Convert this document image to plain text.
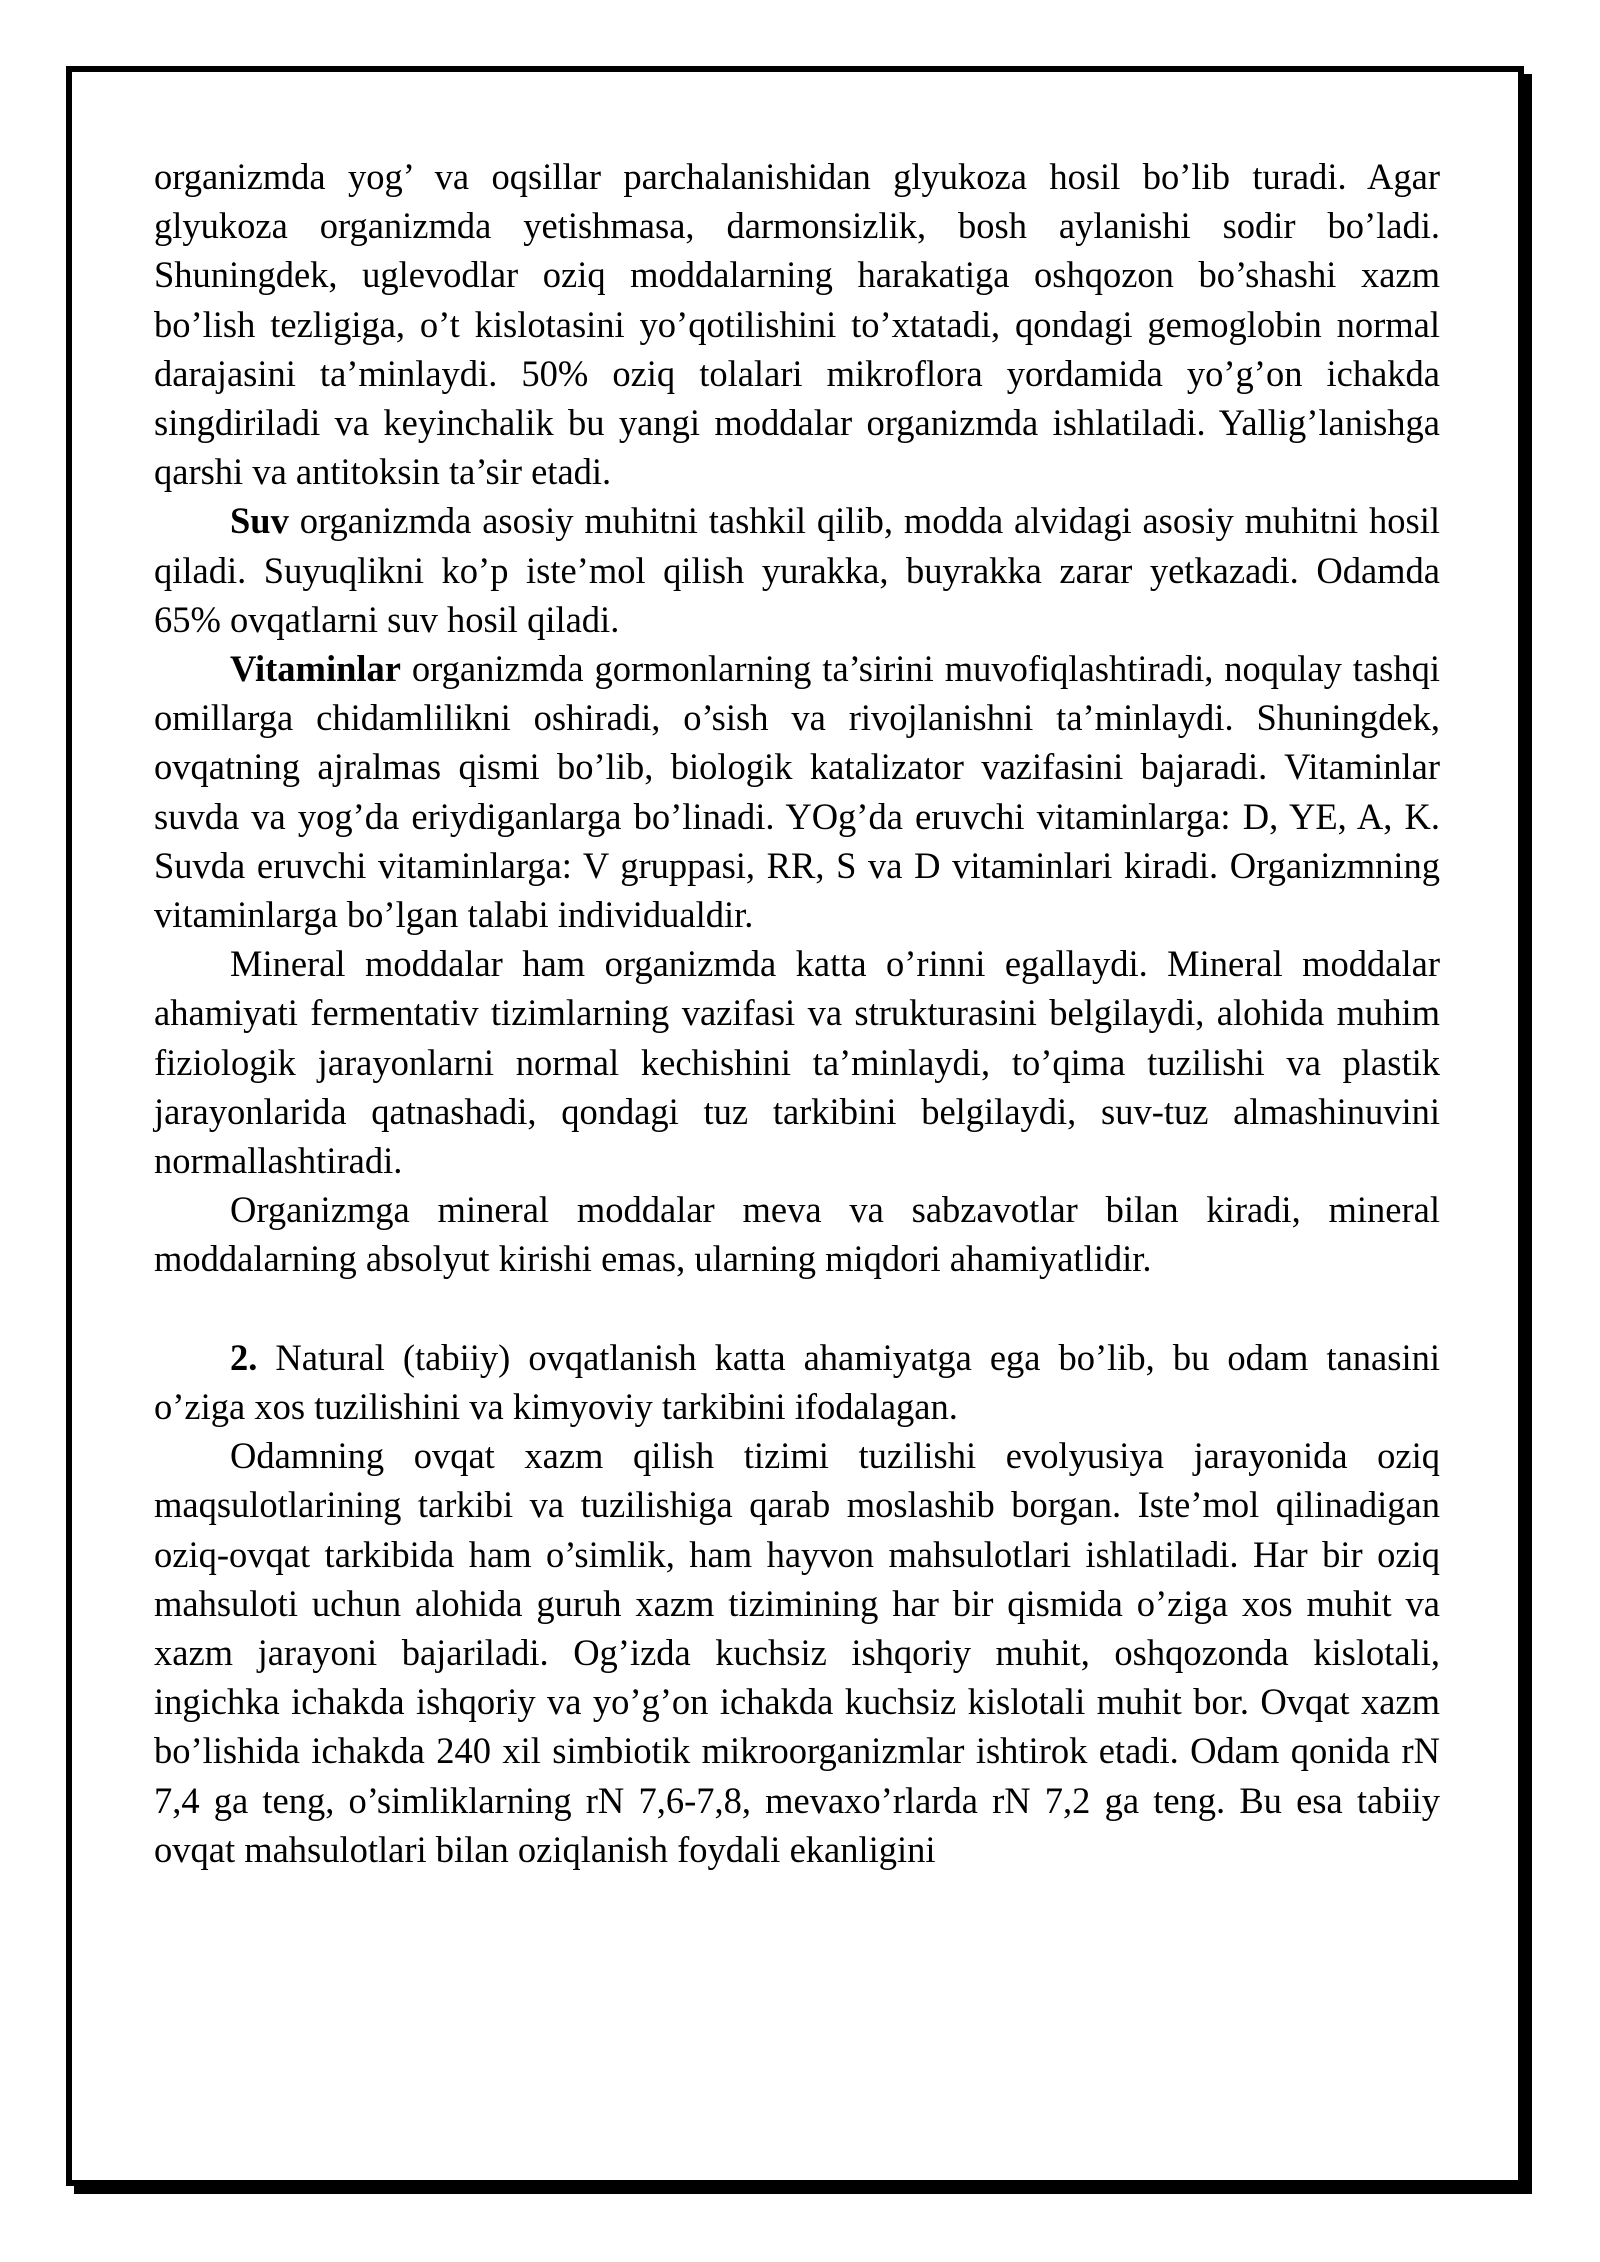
organizmda yog’ va oqsillar parchalanishidan glyukoza hosil bo’lib turadi. Agar glyukoza organizmda yetishmasa, darmonsizlik, bosh aylanishi sodir bo’ladi. Shuningdek, uglevodlar oziq moddalarning harakatiga oshqozon bo’shashi xazm bo’lish tezligiga, o’t kislotasini yo’qotilishini to’xtatadi, qondagi gemoglobin normal darajasini ta’minlaydi. 50% oziq tolalari mikroflora yordamida yo’g’on ichakda singdiriladi va keyinchalik bu yangi moddalar organizmda ishlatiladi. Yallig’lanishga qarshi va antitoksin ta’sir etadi.

Suv organizmda asosiy muhitni tashkil qilib, modda alvidagi asosiy muhitni hosil qiladi. Suyuqlikni ko’p iste’mol qilish yurakka, buyrakka zarar yetkazadi. Odamda 65% ovqatlarni suv hosil qiladi.

Vitaminlar organizmda gormonlarning ta’sirini muvofiqlashtiradi, noqulay tashqi omillarga chidamlilikni oshiradi, o’sish va rivojlanishni ta’minlaydi. Shuningdek, ovqatning ajralmas qismi bo’lib, biologik katalizator vazifasini bajaradi. Vitaminlar suvda va yog’da eriydiganlarga bo’linadi. YOg’da eruvchi vitaminlarga: D, YE, A, K. Suvda eruvchi vitaminlarga: V gruppasi, RR, S va D vitaminlari kiradi. Organizmning vitaminlarga bo’lgan talabi individualdir.

Mineral moddalar ham organizmda katta o’rinni egallaydi. Mineral moddalar ahamiyati fermentativ tizimlarning vazifasi va strukturasini belgilaydi, alohida muhim fiziologik jarayonlarni normal kechishini ta’minlaydi, to’qima tuzilishi va plastik jarayonlarida qatnashadi, qondagi tuz tarkibini belgilaydi, suv-tuz almashinuvini normallashtiradi.

Organizmga mineral moddalar meva va sabzavotlar bilan kiradi, mineral moddalarning absolyut kirishi emas, ularning miqdori ahamiyatlidir.

2. Natural (tabiiy) ovqatlanish katta ahamiyatga ega bo’lib, bu odam tanasini o’ziga xos tuzilishini va kimyoviy tarkibini ifodalagan.

Odamning ovqat xazm qilish tizimi tuzilishi evolyusiya jarayonida oziq maqsulotlarining tarkibi va tuzilishiga qarab moslashib borgan. Iste’mol qilinadigan oziq-ovqat tarkibida ham o’simlik, ham hayvon mahsulotlari ishlatiladi. Har bir oziq mahsuloti uchun alohida guruh xazm tizimining har bir qismida o’ziga xos muhit va xazm jarayoni bajariladi. Og’izda kuchsiz ishqoriy muhit, oshqozonda kislotali, ingichka ichakda ishqoriy va yo’g’on ichakda kuchsiz kislotali muhit bor. Ovqat xazm bo’lishida ichakda 240 xil simbiotik mikroorganizmlar ishtirok etadi. Odam qonida rN 7,4 ga teng, o’simliklarning rN 7,6-7,8, mevaxo’rlarda rN 7,2 ga teng. Bu esa tabiiy ovqat mahsulotlari bilan oziqlanish foydali ekanligini
